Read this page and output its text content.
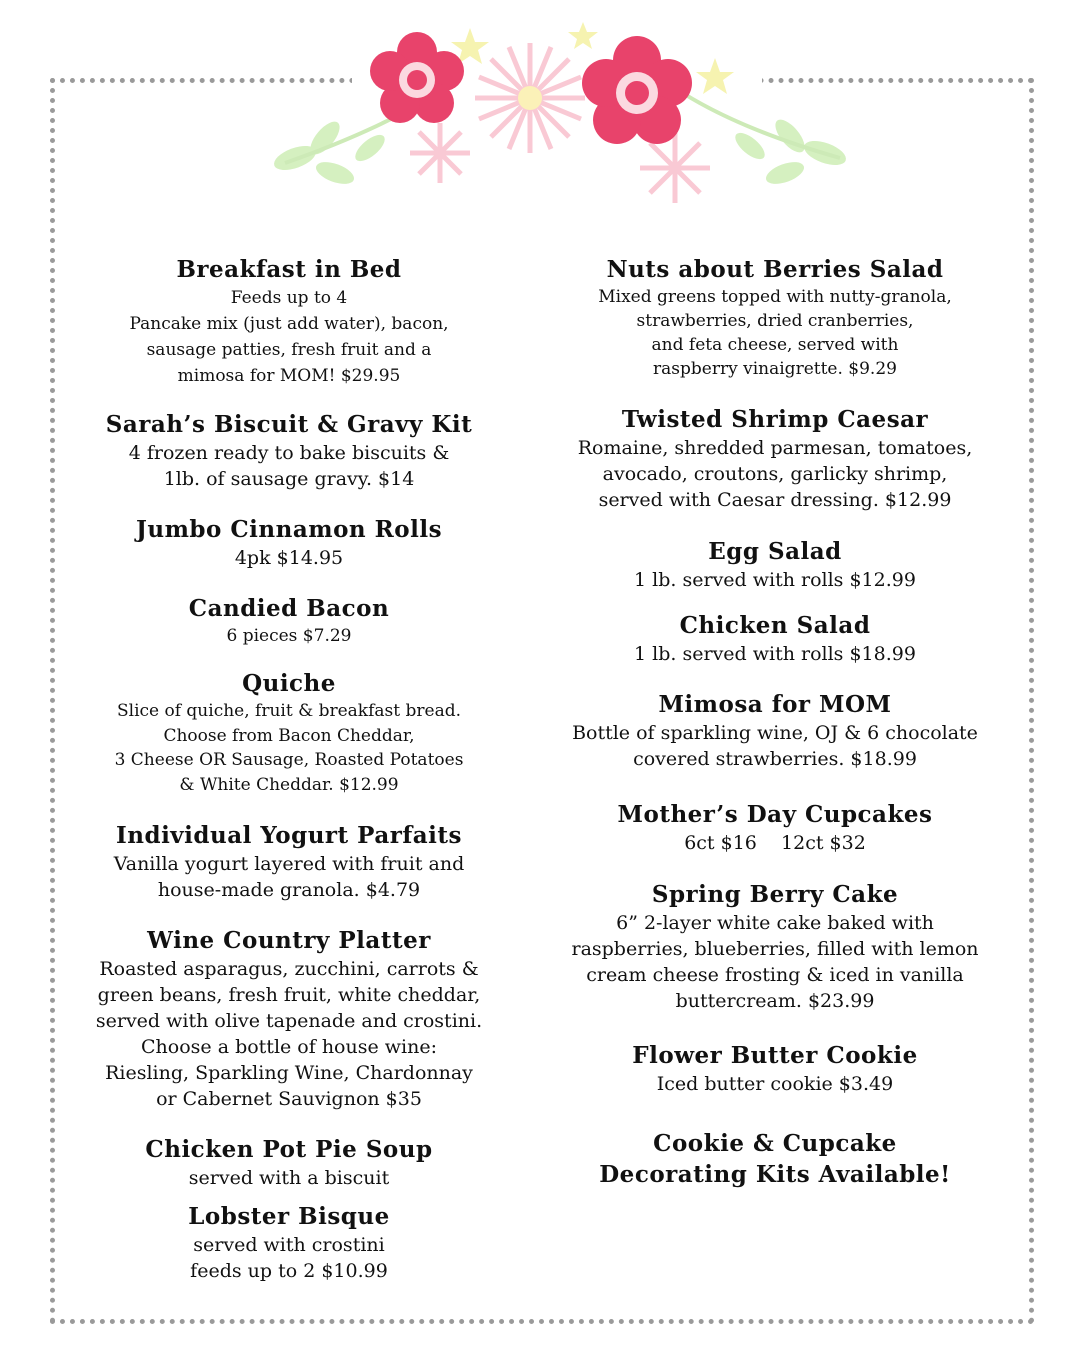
Breakfast in Bed
Feeds up to 4
Pancake mix (just add water), bacon,
sausage patties, fresh fruit and a
mimosa for MOM! $29.95
Sarah’s Biscuit & Gravy Kit
4 frozen ready to bake biscuits &
1lb. of sausage gravy. $14
Jumbo Cinnamon Rolls
4pk $14.95
Candied Bacon
6 pieces $7.29
Quiche
Slice of quiche, fruit & breakfast bread.
Choose from Bacon Cheddar,
3 Cheese OR Sausage, Roasted Potatoes
& White Cheddar. $12.99
Individual Yogurt Parfaits
Vanilla yogurt layered with fruit and
house-made granola. $4.79
Wine Country Platter
Roasted asparagus, zucchini, carrots &
green beans, fresh fruit, white cheddar,
served with olive tapenade and crostini.
Choose a bottle of house wine:
Riesling, Sparkling Wine, Chardonnay
or Cabernet Sauvignon $35
Chicken Pot Pie Soup
served with a biscuit
Lobster Bisque
served with crostini
feeds up to 2 $10.99
Nuts about Berries Salad
Mixed greens topped with nutty-granola,
strawberries, dried cranberries,
and feta cheese, served with
raspberry vinaigrette. $9.29
Twisted Shrimp Caesar
Romaine, shredded parmesan, tomatoes,
avocado, croutons, garlicky shrimp,
served with Caesar dressing. $12.99
Egg Salad
1 lb. served with rolls $12.99
Chicken Salad
1 lb. served with rolls $18.99
Mimosa for MOM
Bottle of sparkling wine, OJ & 6 chocolate
covered strawberries. $18.99
Mother’s Day Cupcakes
6ct $16    12ct $32
Spring Berry Cake
6” 2-layer white cake baked with
raspberries, blueberries, filled with lemon
cream cheese frosting & iced in vanilla
buttercream. $23.99
Flower Butter Cookie
Iced butter cookie $3.49
Cookie & Cupcake
Decorating Kits Available!
